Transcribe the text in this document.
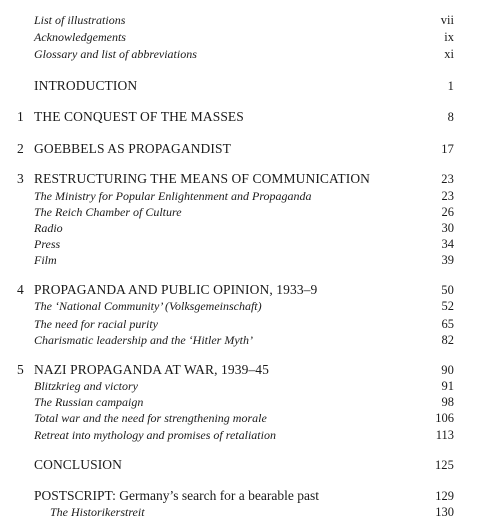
List of illustrations	vii
Acknowledgements	ix
Glossary and list of abbreviations	xi
INTRODUCTION	1
1 THE CONQUEST OF THE MASSES	8
2 GOEBBELS AS PROPAGANDIST	17
3 RESTRUCTURING THE MEANS OF COMMUNICATION	23
The Ministry for Popular Enlightenment and Propaganda	23
The Reich Chamber of Culture	26
Radio	30
Press	34
Film	39
4 PROPAGANDA AND PUBLIC OPINION, 1933–9	50
The ‘National Community’ (Volksgemeinschaft)	52
The need for racial purity	65
Charismatic leadership and the ‘Hitler Myth’	82
5 NAZI PROPAGANDA AT WAR, 1939–45	90
Blitzkrieg and victory	91
The Russian campaign	98
Total war and the need for strengthening morale	106
Retreat into mythology and promises of retaliation	113
CONCLUSION	125
POSTSCRIPT: Germany’s search for a bearable past	129
The Historikerstreit	130
